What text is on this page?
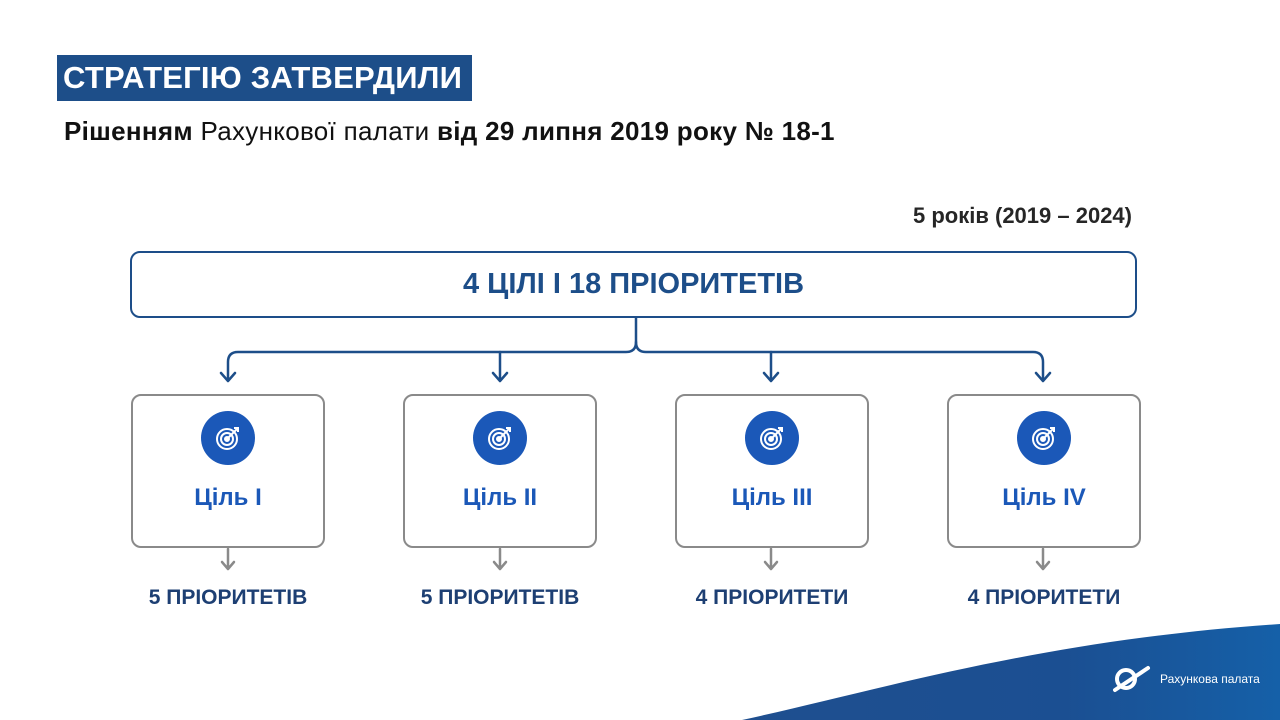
СТРАТЕГІЮ ЗАТВЕРДИЛИ
Рішенням Рахункової палати від 29 липня 2019 року № 18-1
5 років (2019 – 2024)
4 ЦІЛІ І 18 ПРІОРИТЕТІВ
Ціль I	Ціль II	Ціль III	Ціль IV
5 ПРІОРИТЕТІВ	5 ПРІОРИТЕТІВ	4 ПРІОРИТЕТИ	4 ПРІОРИТЕТИ
Рахункова палата
